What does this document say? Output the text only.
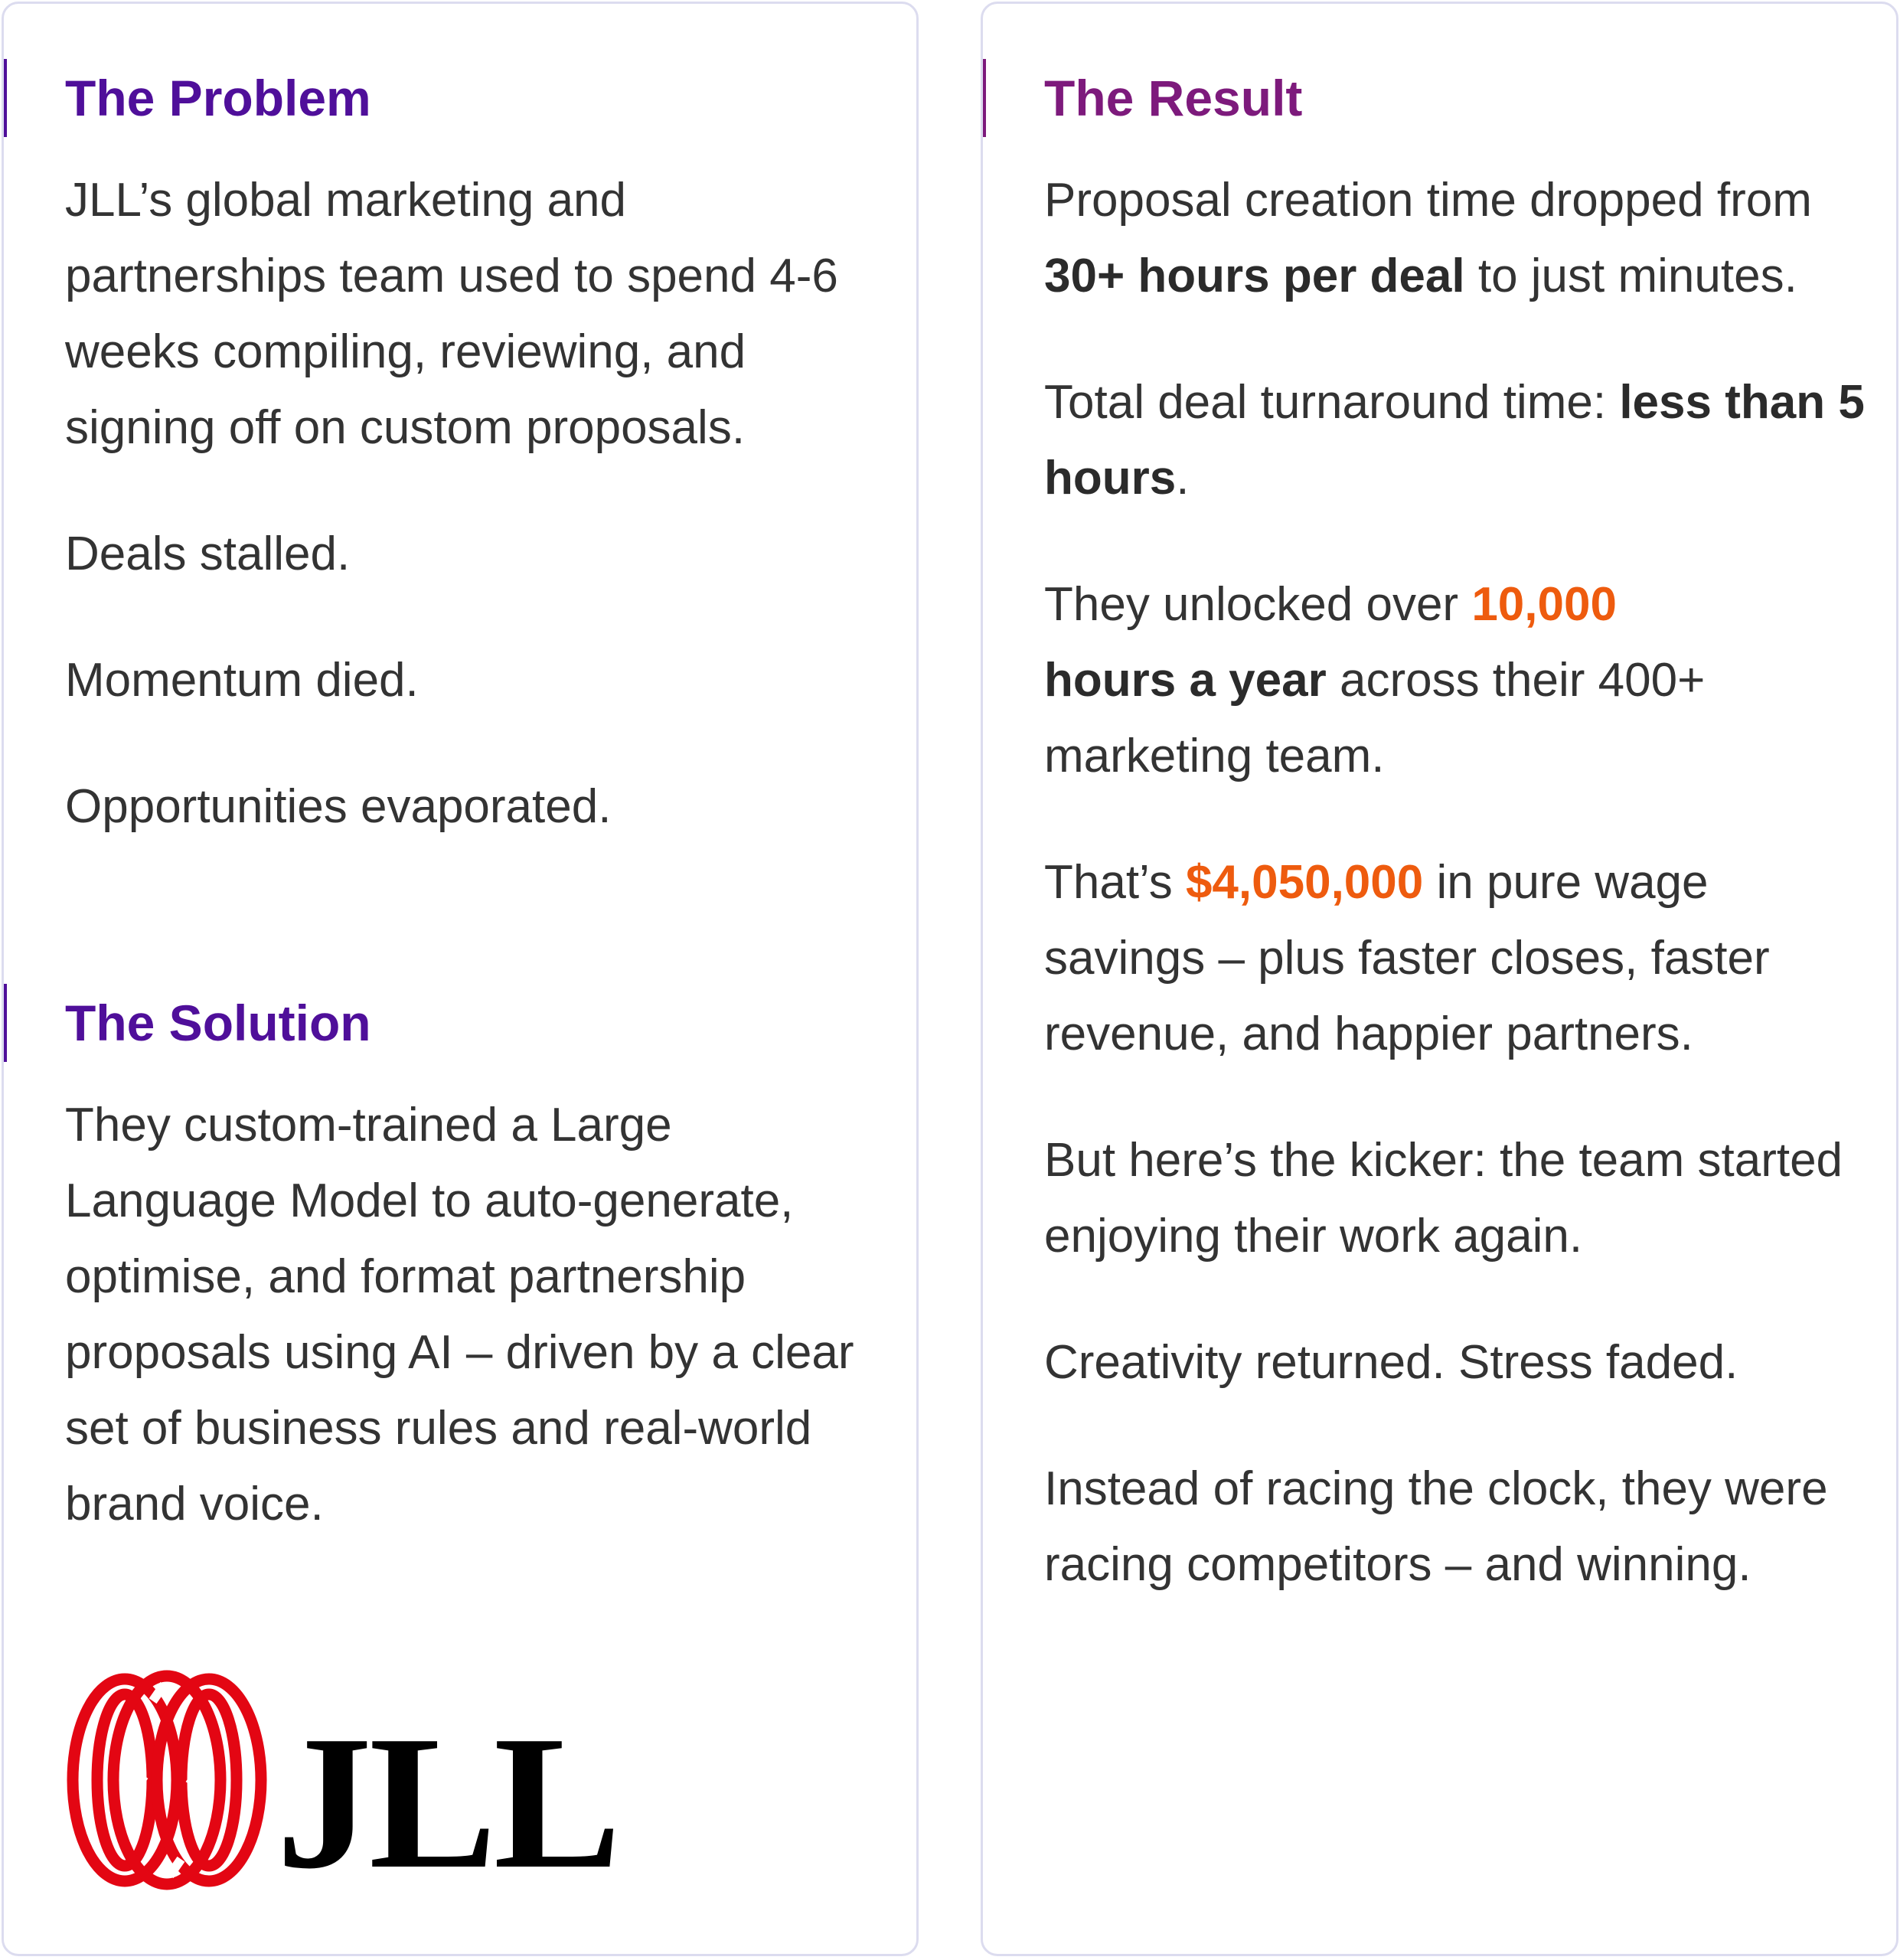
The Problem

JLL’s global marketing and partnerships team used to spend 4-6 weeks compiling, reviewing, and signing off on custom proposals.

Deals stalled.

Momentum died.

Opportunities evaporated.

The Solution

They custom-trained a Large Language Model to auto-generate, optimise, and format partnership proposals using AI – driven by a clear set of business rules and real-world brand voice.

JLL
The Result

Proposal creation time dropped from 30+ hours per deal to just minutes.

Total deal turnaround time: less than 5 hours.

They unlocked over 10,000
hours a year across their 400+ marketing team.

That’s $4,050,000 in pure wage savings – plus faster closes, faster revenue, and happier partners.

But here’s the kicker: the team started enjoying their work again.

Creativity returned. Stress faded.

Instead of racing the clock, they were racing competitors – and winning.
